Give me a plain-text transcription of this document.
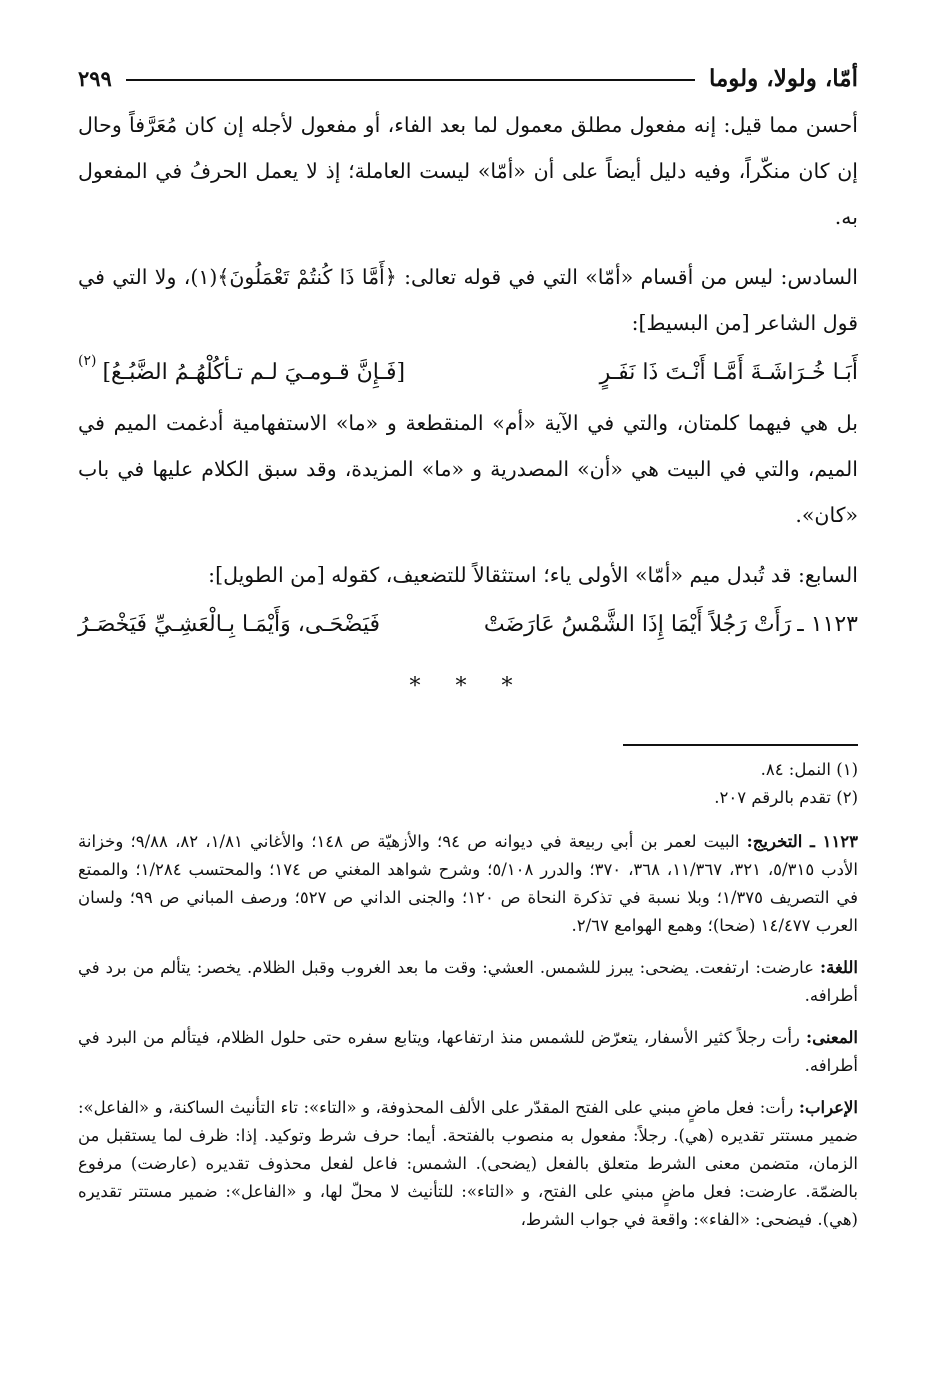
أمّا، ولولا، ولوما
٢٩٩

أحسن مما قيل: إنه مفعول مطلق معمول لما بعد الفاء، أو مفعول لأجله إن كان مُعَرَّفاً وحال إن كان منكّراً، وفيه دليل أيضاً على أن «أمّا» ليست العاملة؛ إذ لا يعمل الحرفُ في المفعول به.

السادس: ليس من أقسام «أمّا» التي في قوله تعالى: ﴿أَمَّا ذَا كُنتُمْ تَعْمَلُونَ﴾(١)، ولا التي في قول الشاعر [من البسيط]:

أَبَـا خُـرَاشَـةَ أَمَّـا أَنْـتَ ذَا نَفَـرٍ
[فَـإِنَّ قـومـيَ لـم تـأكُلْهُـمُ الضَّبُـعُ]
(٢)

بل هي فيهما كلمتان، والتي في الآية «أم» المنقطعة و «ما» الاستفهامية أدغمت الميم في الميم، والتي في البيت هي «أن» المصدرية و «ما» المزيدة، وقد سبق الكلام عليها في باب «كان».

السابع: قد تُبدل ميم «أمّا» الأولى ياء؛ استثقالاً للتضعيف، كقوله [من الطويل]:

١١٢٣ ـ
رَأَتْ رَجُلاً أَيْمَا إِذَا الشَّمْسُ عَارَضَتْ
فَيَضْحَـى، وَأَيْمَـا بِـالْعَشِـيِّ فَيَخْصَـرُ
* * *

(١) النمل: ٨٤.

(٢) تقدم بالرقم ٢٠٧.

١١٢٣ ـ التخريج: البيت لعمر بن أبي ربيعة في ديوانه ص ٩٤؛ والأزهيّة ص ١٤٨؛ والأغاني ١/٨١، ٨٢، ٩/٨٨؛ وخزانة الأدب ٥/٣١٥، ٣٢١، ١١/٣٦٧، ٣٦٨، ٣٧٠؛ والدرر ٥/١٠٨؛ وشرح شواهد المغني ص ١٧٤؛ والمحتسب ١/٢٨٤؛ والممتع في التصريف ١/٣٧٥؛ وبلا نسبة في تذكرة النحاة ص ١٢٠؛ والجنى الداني ص ٥٢٧؛ ورصف المباني ص ٩٩؛ ولسان العرب ١٤/٤٧٧ (ضحا)؛ وهمع الهوامع ٢/٦٧.

اللغة: عارضت: ارتفعت. يضحى: يبرز للشمس. العشي: وقت ما بعد الغروب وقبل الظلام. يخصر: يتألم من برد في أطرافه.

المعنى: رأت رجلاً كثير الأسفار، يتعرّض للشمس منذ ارتفاعها، ويتابع سفره حتى حلول الظلام، فيتألم من البرد في أطرافه.

الإعراب: رأت: فعل ماضٍ مبني على الفتح المقدّر على الألف المحذوفة، و «التاء»: تاء التأنيث الساكنة، و «الفاعل»: ضمير مستتر تقديره (هي). رجلاً: مفعول به منصوب بالفتحة. أيما: حرف شرط وتوكيد. إذا: ظرف لما يستقبل من الزمان، متضمن معنى الشرط متعلق بالفعل (يضحى). الشمس: فاعل لفعل محذوف تقديره (عارضت) مرفوع بالضمّة. عارضت: فعل ماضٍ مبني على الفتح، و «التاء»: للتأنيث لا محلّ لها، و «الفاعل»: ضمير مستتر تقديره (هي). فيضحى: «الفاء»: واقعة في جواب الشرط،
